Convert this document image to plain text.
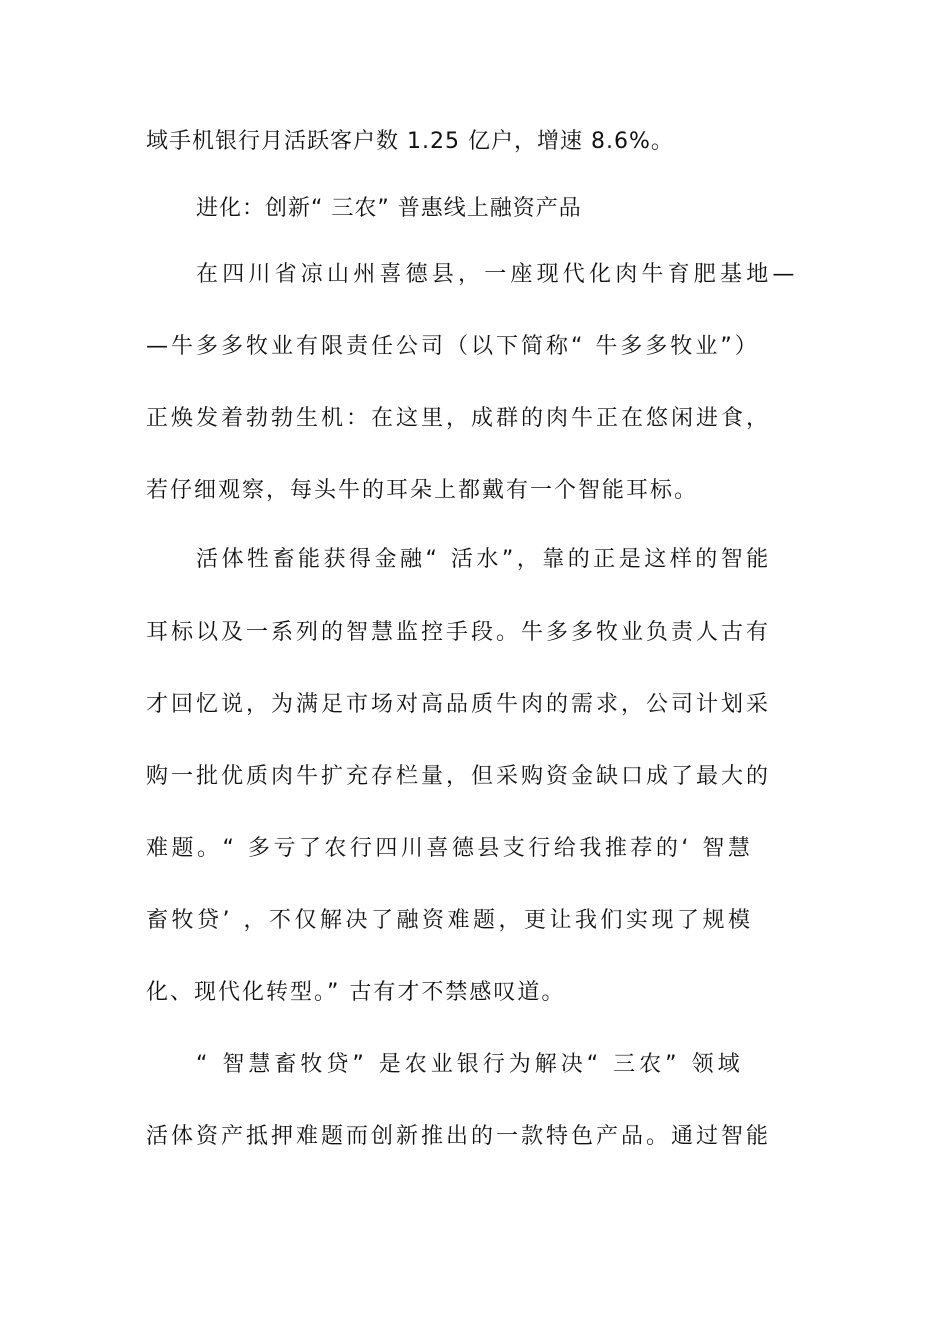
域手机银行月活跃客户数 1.25 亿户，增速 8.6%。
进化：创新“ 三农” 普惠线上融资产品
在四川省凉山州喜德县，一座现代化肉牛育肥基地—
—牛多多牧业有限责任公司（以下简称“ 牛多多牧业”）
正焕发着勃勃生机：在这里，成群的肉牛正在悠闲进食，
若仔细观察，每头牛的耳朵上都戴有一个智能耳标。
活体牲畜能获得金融“ 活水”，靠的正是这样的智能
耳标以及一系列的智慧监控手段。牛多多牧业负责人古有
才回忆说，为满足市场对高品质牛肉的需求，公司计划采
购一批优质肉牛扩充存栏量，但采购资金缺口成了最大的
难题。“ 多亏了农行四川喜德县支行给我推荐的‘ 智慧
畜牧贷’ ，不仅解决了融资难题，更让我们实现了规模
化、现代化转型。” 古有才不禁感叹道。
“ 智慧畜牧贷” 是农业银行为解决“ 三农” 领域
活体资产抵押难题而创新推出的一款特色产品。通过智能
